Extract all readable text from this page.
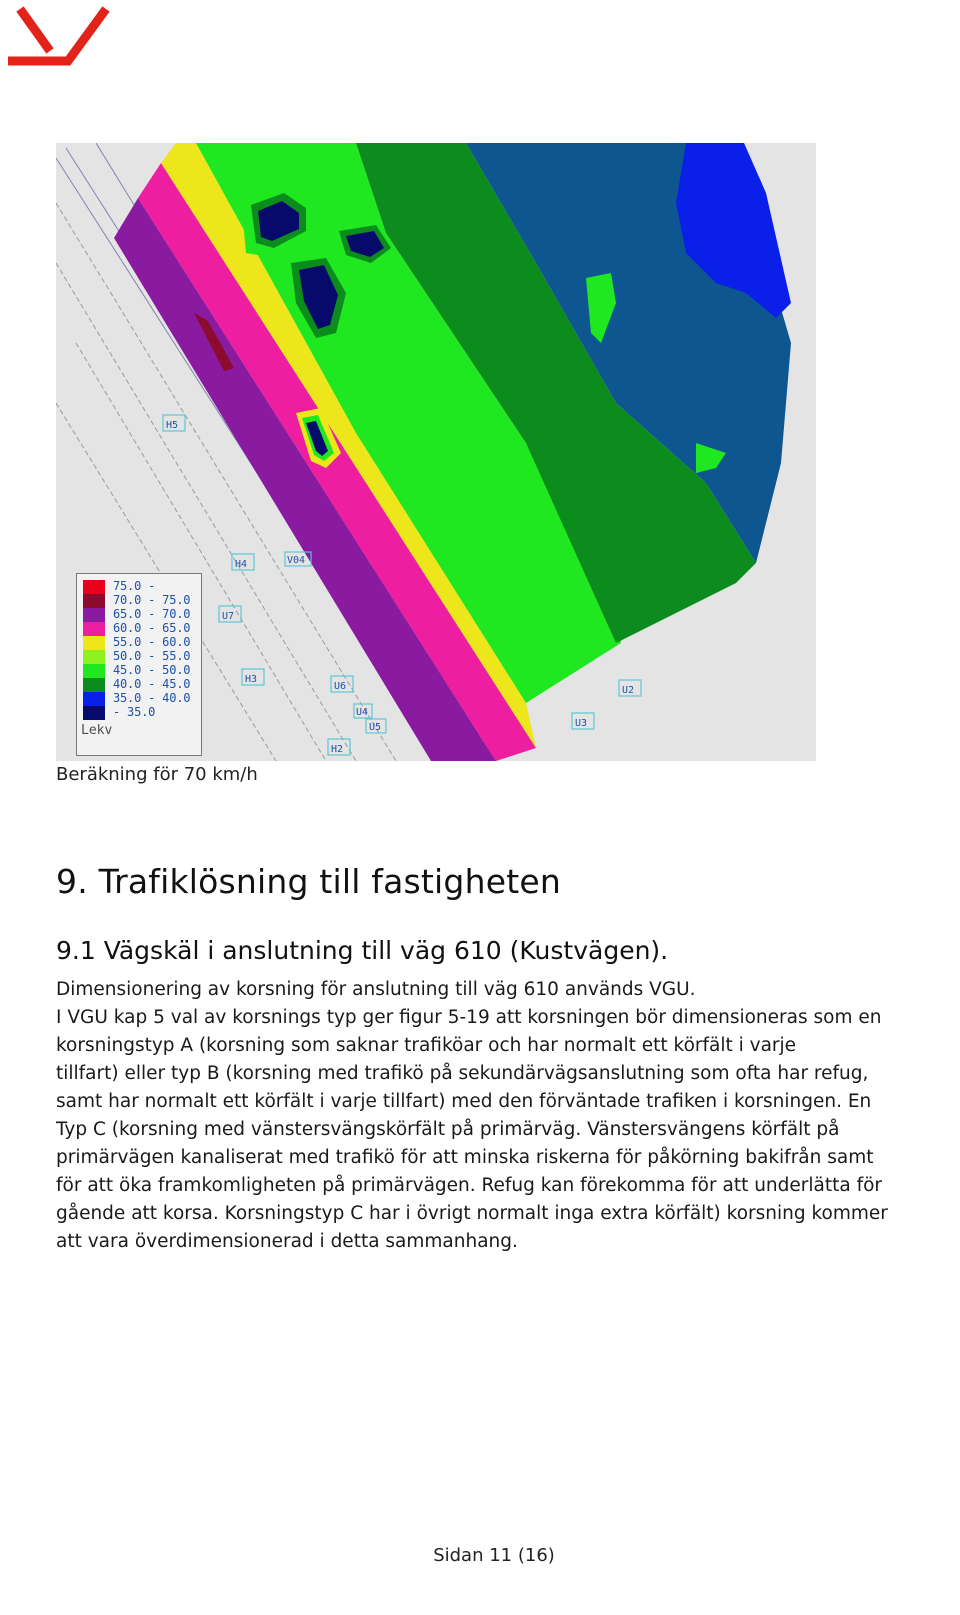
H5
H4	V04
U7
H3
U6
U4
U5
H2
U2
U3
75.0 -
70.0 - 75.0
65.0 - 70.0
60.0 - 65.0
55.0 - 60.0
50.0 - 55.0
45.0 - 50.0
40.0 - 45.0
35.0 - 40.0
- 35.0
Lekv
Beräkning för 70 km/h
9. Trafiklösning till fastigheten
9.1 Vägskäl i anslutning till väg 610 (Kustvägen).
Dimensionering av korsning för anslutning till väg 610 används VGU.
I VGU kap 5 val av korsnings typ ger figur 5-19 att korsningen bör dimensioneras som en
korsningstyp A (korsning som saknar trafiköar och har normalt ett körfält i varje
tillfart) eller typ B (korsning med trafikö på sekundärvägsanslutning som ofta har refug,
samt har normalt ett körfält i varje tillfart) med den förväntade trafiken i korsningen. En
Typ C (korsning med vänstersvängskörfält på primärväg. Vänstersvängens körfält på
primärvägen kanaliserat med trafikö för att minska riskerna för påkörning bakifrån samt
för att öka framkomligheten på primärvägen. Refug kan förekomma för att underlätta för
gående att korsa. Korsningstyp C har i övrigt normalt inga extra körfält) korsning kommer
att vara överdimensionerad i detta sammanhang.
Sidan 11 (16)
